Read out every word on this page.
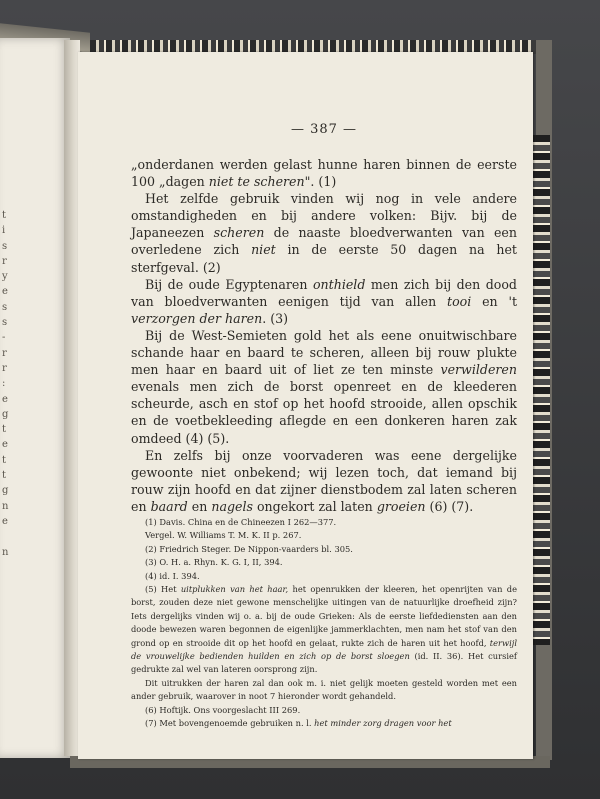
t
i
s
r
y
e
s
s
-
r
r
:
e
g
t
e
t
t
g
n
e

n
— 387 —

„onderdanen werden gelast hunne haren binnen de eerste 100 „dagen niet te scheren". (1)

Het zelfde gebruik vinden wij nog in vele andere omstandigheden en bij andere volken: Bijv. bij de Japaneezen scheren de naaste bloedverwanten van een overledene zich niet in de eerste 50 dagen na het sterfgeval. (2)

Bij de oude Egyptenaren onthield men zich bij den dood van bloedverwanten eenigen tijd van allen tooi en 't verzorgen der haren. (3)

Bij de West-Semieten gold het als eene onuitwischbare schande haar en baard te scheren, alleen bij rouw plukte men haar en baard uit of liet ze ten minste verwilderen evenals men zich de borst openreet en de kleederen scheurde, asch en stof op het hoofd strooide, allen opschik en de voetbekleeding aflegde en een donkeren haren zak omdeed (4) (5).

En zelfs bij onze voorvaderen was eene dergelijke gewoonte niet onbekend; wij lezen toch, dat iemand bij rouw zijn hoofd en dat zijner dienstbodem zal laten scheren en baard en nagels ongekort zal laten groeien (6) (7).

(1) Davis. China en de Chineezen I 262—377.

Vergel. W. Williams T. M. K. II p. 267.

(2) Friedrich Steger. De Nippon-vaarders bl. 305.

(3) O. H. a. Rhyn. K. G. I, II, 394.

(4) id. I. 394.

(5) Het uitplukken van het haar, het openrukken der kleeren, het openrijten van de borst, zouden deze niet gewone menschelijke uitingen van de natuurlijke droefheid zijn? Iets dergelijks vinden wij o. a. bij de oude Grieken: Als de eerste liefdediensten aan den doode bewezen waren begonnen de eigenlijke jammerklachten, men nam het stof van den grond op en strooide dit op het hoofd en gelaat, rukte zich de haren uit het hoofd, terwijl de vrouwelijke bedienden huilden en zich op de borst sloegen (id. II. 36). Het cursief gedrukte zal wel van lateren oorsprong zijn.

Dit uitrukken der haren zal dan ook m. i. niet gelijk moeten gesteld worden met een ander gebruik, waarover in noot 7 hieronder wordt gehandeld.

(6) Hoftijk. Ons voorgeslacht III 269.

(7) Met bovengenoemde gebruiken n. l. het minder zorg dragen voor het
